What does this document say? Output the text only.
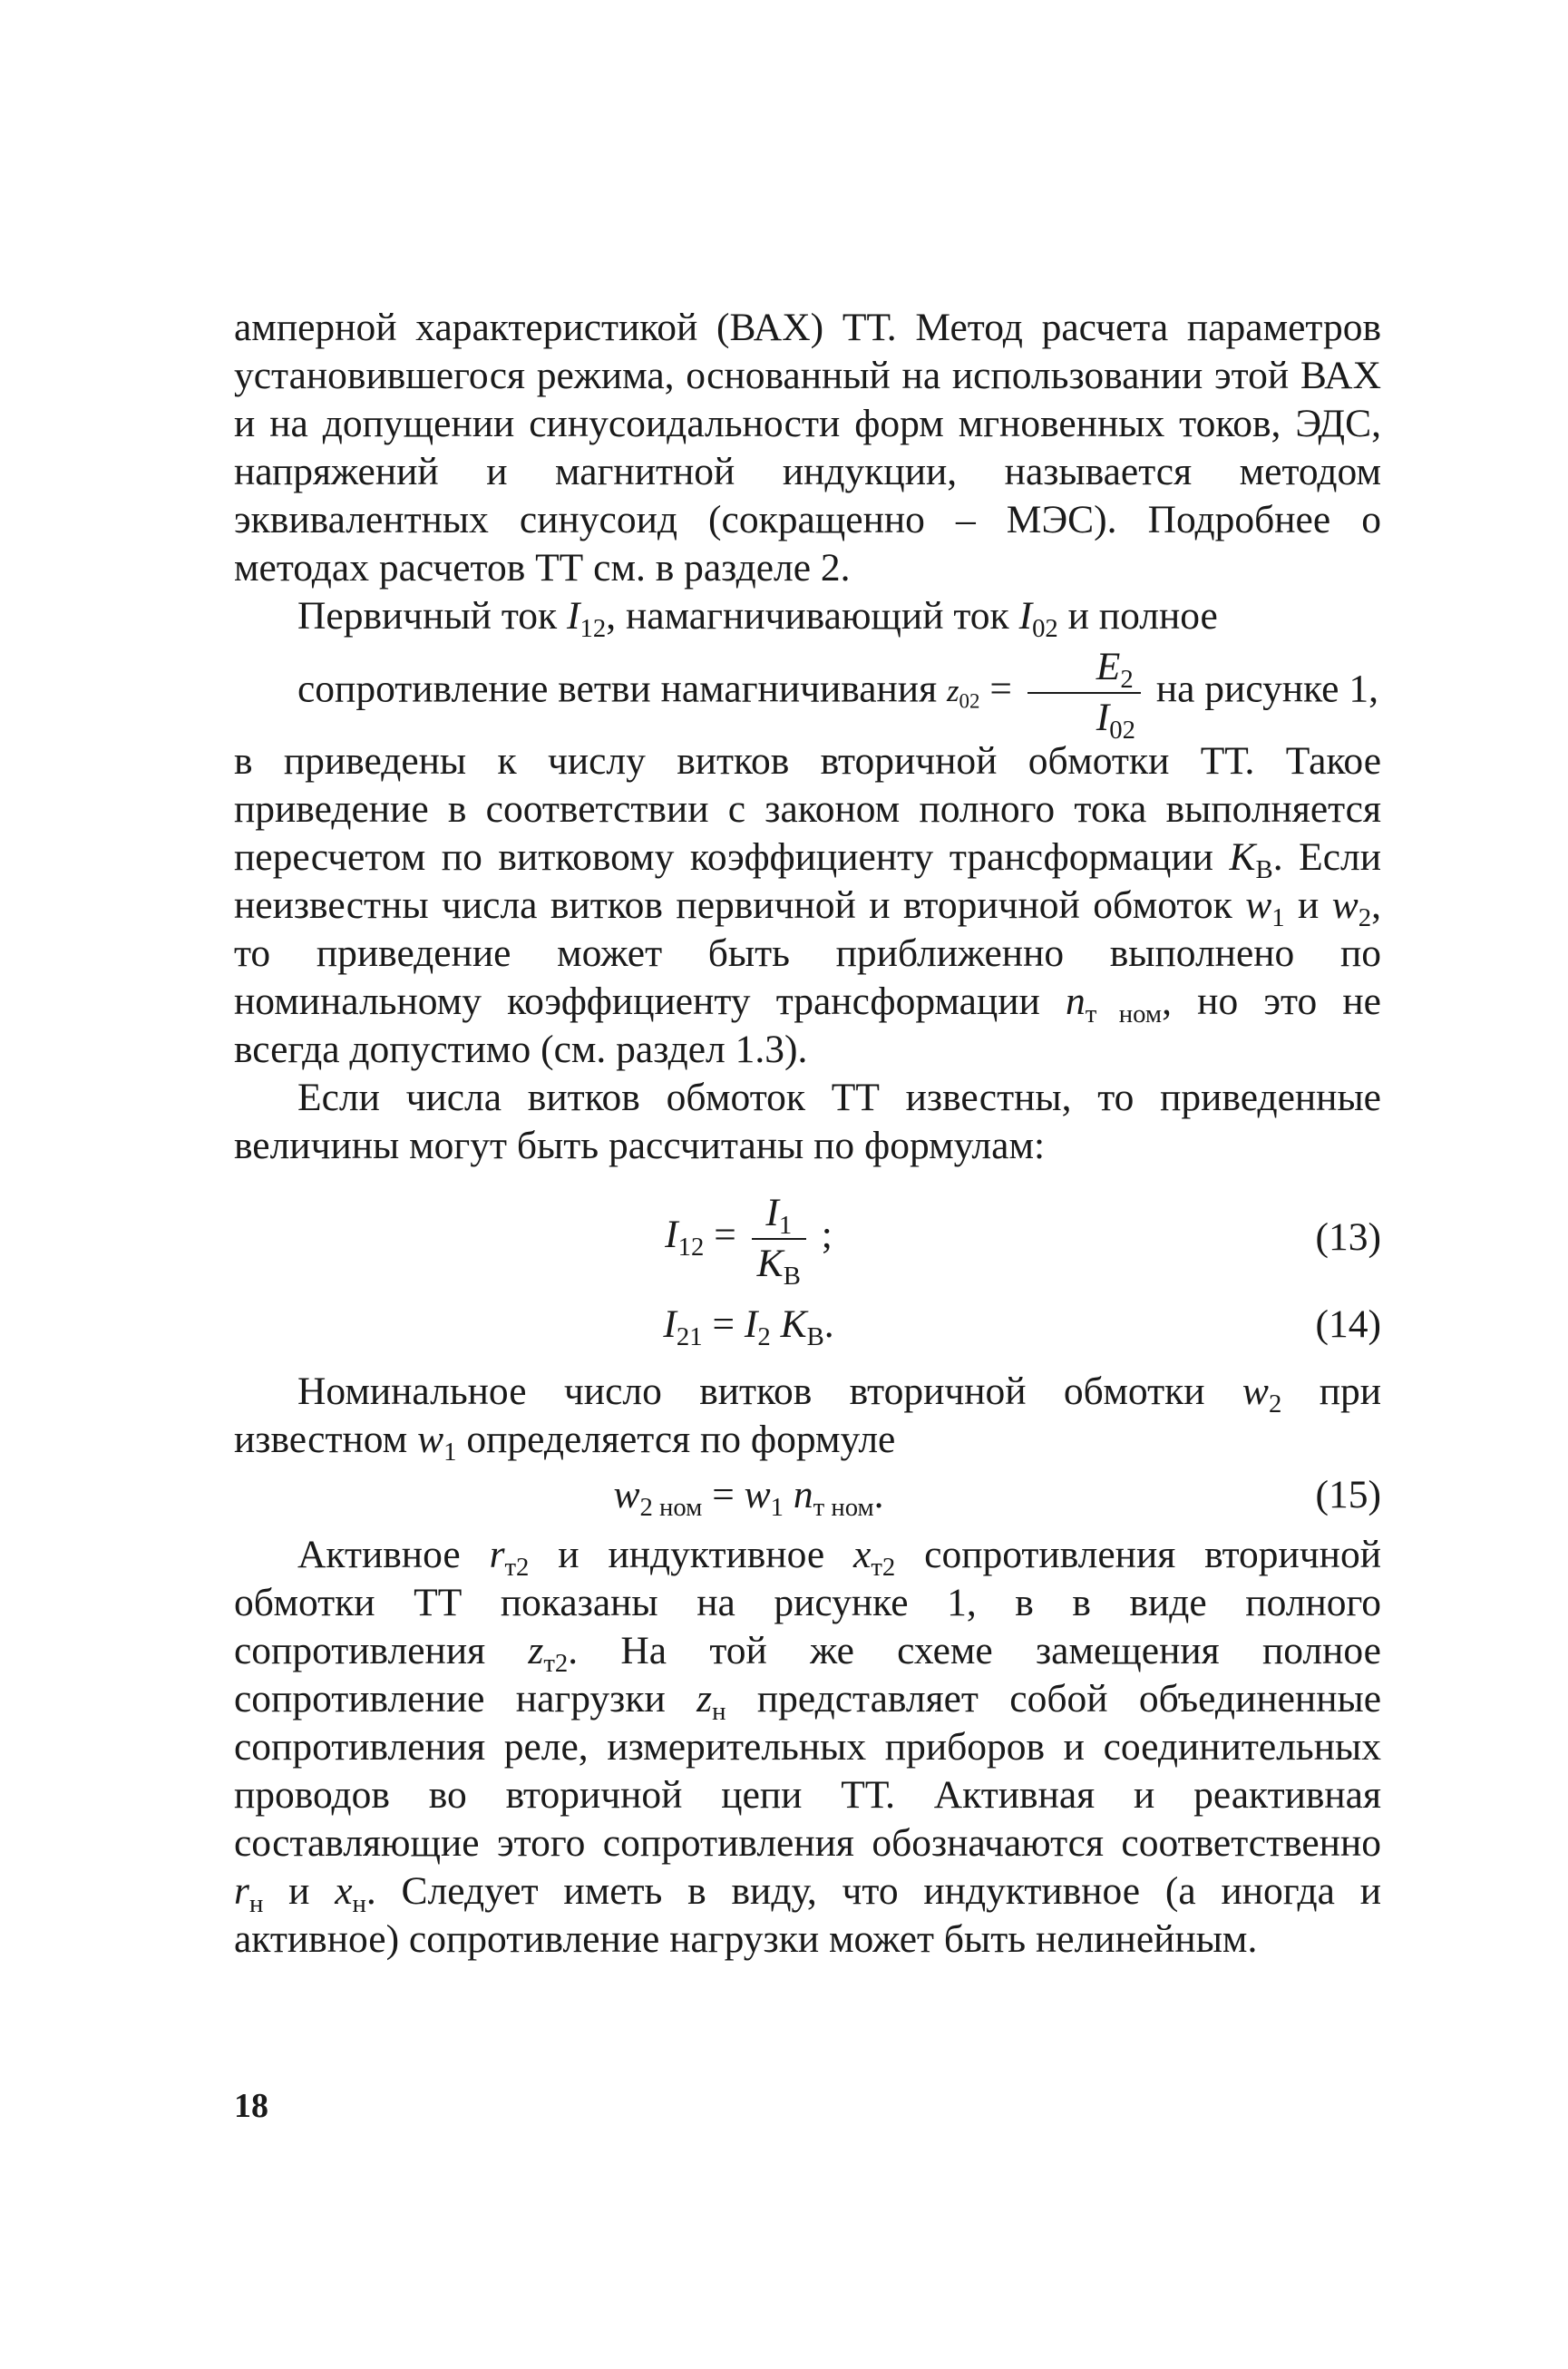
амперной характеристикой (ВАХ) ТТ. Метод расчета параметров установившегося режима, основанный на использовании этой ВАХ и на допущении синусоидальности форм мгновенных токов, ЭДС, напряжений и магнитной индукции, называется методом эквивалентных синусоид (сокращенно – МЭС). Подробнее о методах расчетов ТТ см. в разделе 2.

Первичный ток $I_{12}$, намагничивающий ток $I_{02}$ и полное
сопротивление ветви намагничивания $z_{02} = \frac{E_2}{I_{02}}$ на рисунке 1,
в приведены к числу витков вторичной обмотки ТТ. Такое приведение в соответствии с законом полного тока выполняется пересчетом по витковому коэффициенту трансформации $K_В$. Если неизвестны числа витков первичной и вторичной обмоток $w_1$ и $w_2$, то приведение может быть приближенно выполнено по номинальному коэффициенту трансформации $n_{т ном}$, но это не всегда допустимо (см. раздел 1.3).

Если числа витков обмоток ТТ известны, то приведенные величины могут быть рассчитаны по формулам:

$I_{12} = \frac{I_1}{K_В}$ ;	(13)
$I_{21} = I_2$ $K_В$.	(14)

Номинальное число витков вторичной обмотки $w_2$ при известном $w_1$ определяется по формуле

$w_{2 ном} = w_1$ $n_{т ном}$.	(15)

Активное $r_{т2}$ и индуктивное $x_{т2}$ сопротивления вторичной обмотки ТТ показаны на рисунке 1, в в виде полного сопротивления $z_{т2}$. На той же схеме замещения полное сопротивление нагрузки $z_н$ представляет собой объединенные сопротивления реле, измерительных приборов и соединительных проводов во вторичной цепи ТТ. Активная и реактивная составляющие этого сопротивления обозначаются соответственно $r_н$ и $x_н$. Следует иметь в виду, что индуктивное (а иногда и активное) сопротивление нагрузки может быть нелинейным.

18
